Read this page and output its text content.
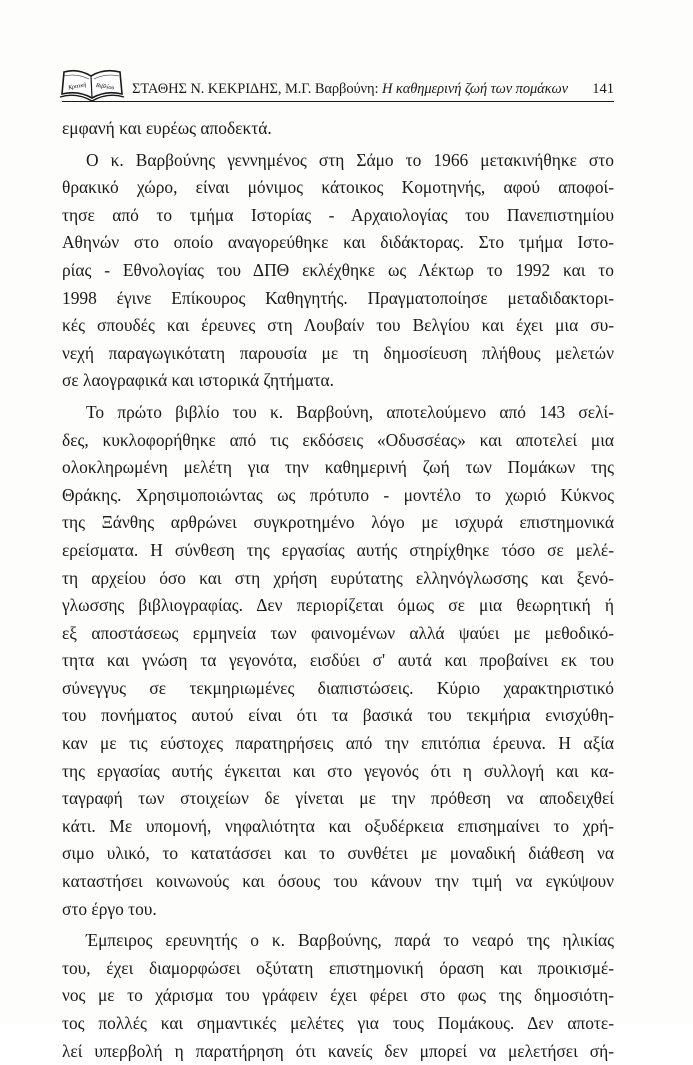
Κριτική Βιβλίου ΣΤΑΘΗΣ Ν. ΚΕΚΡΙΔΗΣ, Μ.Γ. Βαρβούνη: Η καθημερινή ζωή των πομάκων 141

εμφανή και ευρέως αποδεκτά.

Ο κ. Βαρβούνης γεννημένος στη Σάμο το 1966 μετακινήθηκε στο
θρακικό χώρο, είναι μόνιμος κάτοικος Κομοτηνής, αφού αποφοί-
τησε από το τμήμα Ιστορίας - Αρχαιολογίας του Πανεπιστημίου
Αθηνών στο οποίο αναγορεύθηκε και διδάκτορας. Στο τμήμα Ιστο-
ρίας - Εθνολογίας του ΔΠΘ εκλέχθηκε ως Λέκτωρ το 1992 και το
1998 έγινε Επίκουρος Καθηγητής. Πραγματοποίησε μεταδιδακτορι-
κές σπουδές και έρευνες στη Λουβαίν του Βελγίου και έχει μια συ-
νεχή παραγωγικότατη παρουσία με τη δημοσίευση πλήθους μελετών
σε λαογραφικά και ιστορικά ζητήματα.

Το πρώτο βιβλίο του κ. Βαρβούνη, αποτελούμενο από 143 σελί-
δες, κυκλοφορήθηκε από τις εκδόσεις «Οδυσσέας» και αποτελεί μια
ολοκληρωμένη μελέτη για την καθημερινή ζωή των Πομάκων της
Θράκης. Χρησιμοποιώντας ως πρότυπο - μοντέλο το χωριό Κύκνος
της Ξάνθης αρθρώνει συγκροτημένο λόγο με ισχυρά επιστημονικά
ερείσματα. Η σύνθεση της εργασίας αυτής στηρίχθηκε τόσο σε μελέ-
τη αρχείου όσο και στη χρήση ευρύτατης ελληνόγλωσσης και ξενό-
γλωσσης βιβλιογραφίας. Δεν περιορίζεται όμως σε μια θεωρητική ή
εξ αποστάσεως ερμηνεία των φαινομένων αλλά ψαύει με μεθοδικό-
τητα και γνώση τα γεγονότα, εισδύει σ' αυτά και προβαίνει εκ του
σύνεγγυς σε τεκμηριωμένες διαπιστώσεις. Κύριο χαρακτηριστικό
του πονήματος αυτού είναι ότι τα βασικά του τεκμήρια ενισχύθη-
καν με τις εύστοχες παρατηρήσεις από την επιτόπια έρευνα. Η αξία
της εργασίας αυτής έγκειται και στο γεγονός ότι η συλλογή και κα-
ταγραφή των στοιχείων δε γίνεται με την πρόθεση να αποδειχθεί
κάτι. Με υπομονή, νηφαλιότητα και οξυδέρκεια επισημαίνει το χρή-
σιμο υλικό, το κατατάσσει και το συνθέτει με μοναδική διάθεση να
καταστήσει κοινωνούς και όσους του κάνουν την τιμή να εγκύψουν
στο έργο του.

Έμπειρος ερευνητής ο κ. Βαρβούνης, παρά το νεαρό της ηλικίας
του, έχει διαμορφώσει οξύτατη επιστημονική όραση και προικισμέ-
νος με το χάρισμα του γράφειν έχει φέρει στο φως της δημοσιότη-
τος πολλές και σημαντικές μελέτες για τους Πομάκους. Δεν αποτε-
λεί υπερβολή η παρατήρηση ότι κανείς δεν μπορεί να μελετήσει σή-
